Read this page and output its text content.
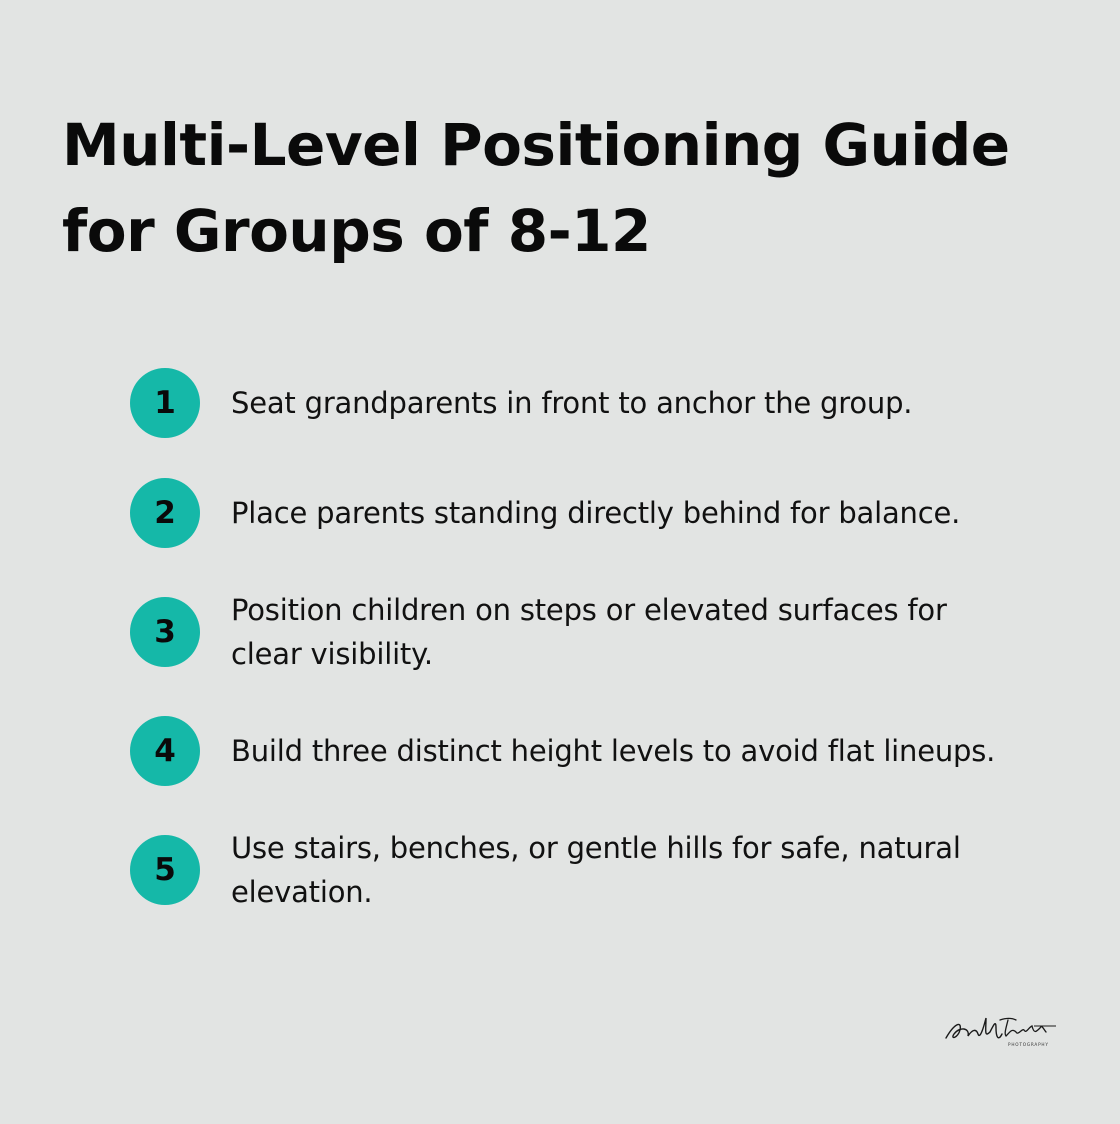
Multi-Level Positioning Guide
for Groups of 8-12
1	Seat grandparents in front to anchor the group.
2	Place parents standing directly behind for balance.
3
Position children on steps or elevated surfaces for clear visibility.
4	Build three distinct height levels to avoid flat lineups.
5
Use stairs, benches, or gentle hills for safe, natural elevation.
PHOTOGRAPHY
